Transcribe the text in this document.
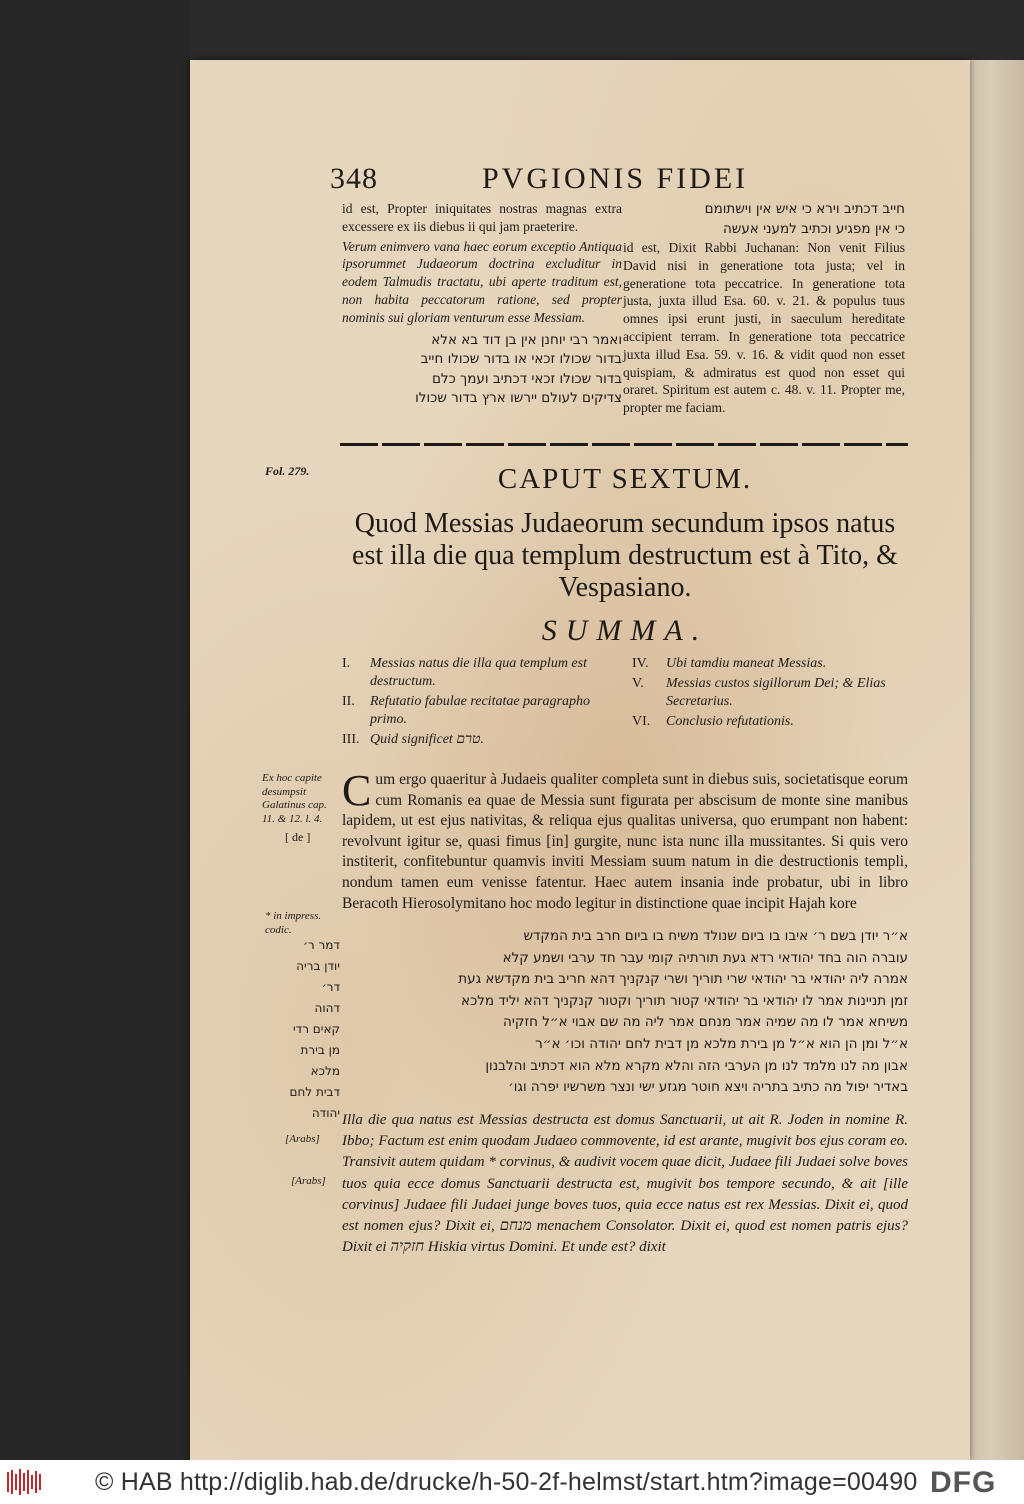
348	PVGIONIS FIDEI
id est, Propter iniquitates nostras magnas extra excessere ex iis diebus ii qui jam praeterire.
Verum enimvero vana haec eorum exceptio Antiqua ipsorummet Judaeorum doctrina excluditur in eodem Talmudis tractatu, ubi aperte traditum est, non habita peccatorum ratione, sed propter nominis sui gloriam venturum esse Messiam.
ואמר רבי יוחנן אין בן דוד בא אלא
בדור שכולו זכאי או בדור שכולו חייב
בדור שכולו זכאי דכתיב ועמך כלם
צדיקים לעולם יירשו ארץ בדור שכולו
חייב דכתיב וירא כי איש אין וישתומם
כי אין מפגיע וכתיב למעני אעשה
id est, Dixit Rabbi Juchanan: Non venit Filius David nisi in generatione tota justa; vel in generatione tota peccatrice. In generatione tota justa, juxta illud Esa. 60. v. 21. & populus tuus omnes ipsi erunt justi, in saeculum hereditate accipient terram. In generatione tota peccatrice juxta illud Esa. 59. v. 16. & vidit quod non esset quispiam, & admiratus est quod non esset qui oraret. Spiritum est autem c. 48. v. 11. Propter me, propter me faciam.
Fol. 279.	CAPUT SEXTUM.
Quod Messias Judaeorum secundum ipsos natus est illa die qua templum destructum est à Tito, & Vespasiano.
SUMMA.
I.	Messias natus die illa qua templum est destructum.
II.	Refutatio fabulae recitatae paragrapho primo.
III. Quid significet טרם.
IV.	Ubi tamdiu maneat Messias.
V.	Messias custos sigillorum Dei; & Elias Secretarius.
VI.	Conclusio refutationis.
Ex hoc capite desumpsit Galatinus cap. 11. & 12. l. 4.
[ de ]
* in impress. codic.
[Arabs]
[Arabs]
C um ergo quaeritur à Judaeis qualiter completa sunt in diebus suis, societatisque eorum cum Romanis ea quae de Messia sunt figurata per abscisum de monte sine manibus lapidem, ut est ejus nativitas, & reliqua ejus qualitas universa, quo erumpant non habent: revolvunt igitur se, quasi fimus [in] gurgite, nunc ista nunc illa mussitantes. Si quis vero institerit, confitebuntur quamvis inviti Messiam suum natum in die destructionis templi, nondum tamen eum venisse fatentur. Haec autem insania inde probatur, ubi in libro Beracoth Hierosolymitano hoc modo legitur in distinctione quae incipit Hajah kore
דמר ר׳
יודן בריה
דר׳
דהוה
קאים רדי
מן בירת
מלכא
דבית לחם
יהודה
א״ר יודן בשם ר׳ איבו בו ביום שנולד משיח בו ביום חרב בית המקדש
עוברה הוה בחד יהודאי רדא געת תורתיה קומי עבר חד ערבי ושמע קלא
אמרה ליה יהודאי בר יהודאי שרי תוריך ושרי קנקניך דהא חריב בית מקדשא געת
זמן תניינות אמר לו יהודאי בר יהודאי קטור תוריך וקטור קנקניך דהא יליד מלכא
משיחא אמר לו מה שמיה אמר מנחם אמר ליה מה שם אבוי א״ל חזקיה
א״ל ומן הן הוא א״ל מן בירת מלכא מן דבית לחם יהודה וכו׳ א״ר
אבון מה לנו מלמד לנו מן הערבי הזה והלא מקרא מלא הוא דכתיב והלבנון
באדיר יפול מה כתיב בתריה ויצא חוטר מגזע ישי ונצר משרשיו יפרה וגו׳
Illa die qua natus est Messias destructa est domus Sanctuarii, ut ait R. Joden in nomine R. Ibbo; Factum est enim quodam Judaeo commovente, id est arante, mugivit bos ejus coram eo. Transivit autem quidam * corvinus, & audivit vocem quae dicit, Judaee fili Judaei solve boves tuos quia ecce domus Sanctuarii destructa est, mugivit bos tempore secundo, & ait [ille corvinus] Judaee fili Judaei junge boves tuos, quia ecce natus est rex Messias. Dixit ei, quod est nomen ejus? Dixit ei, מנחם menachem Consolator. Dixit ei, quod est nomen patris ejus? Dixit ei חזקיה Hiskia virtus Domini. Et unde est? dixit
© HAB http://diglib.hab.de/drucke/h-50-2f-helmst/start.htm?image=00490 DFG
